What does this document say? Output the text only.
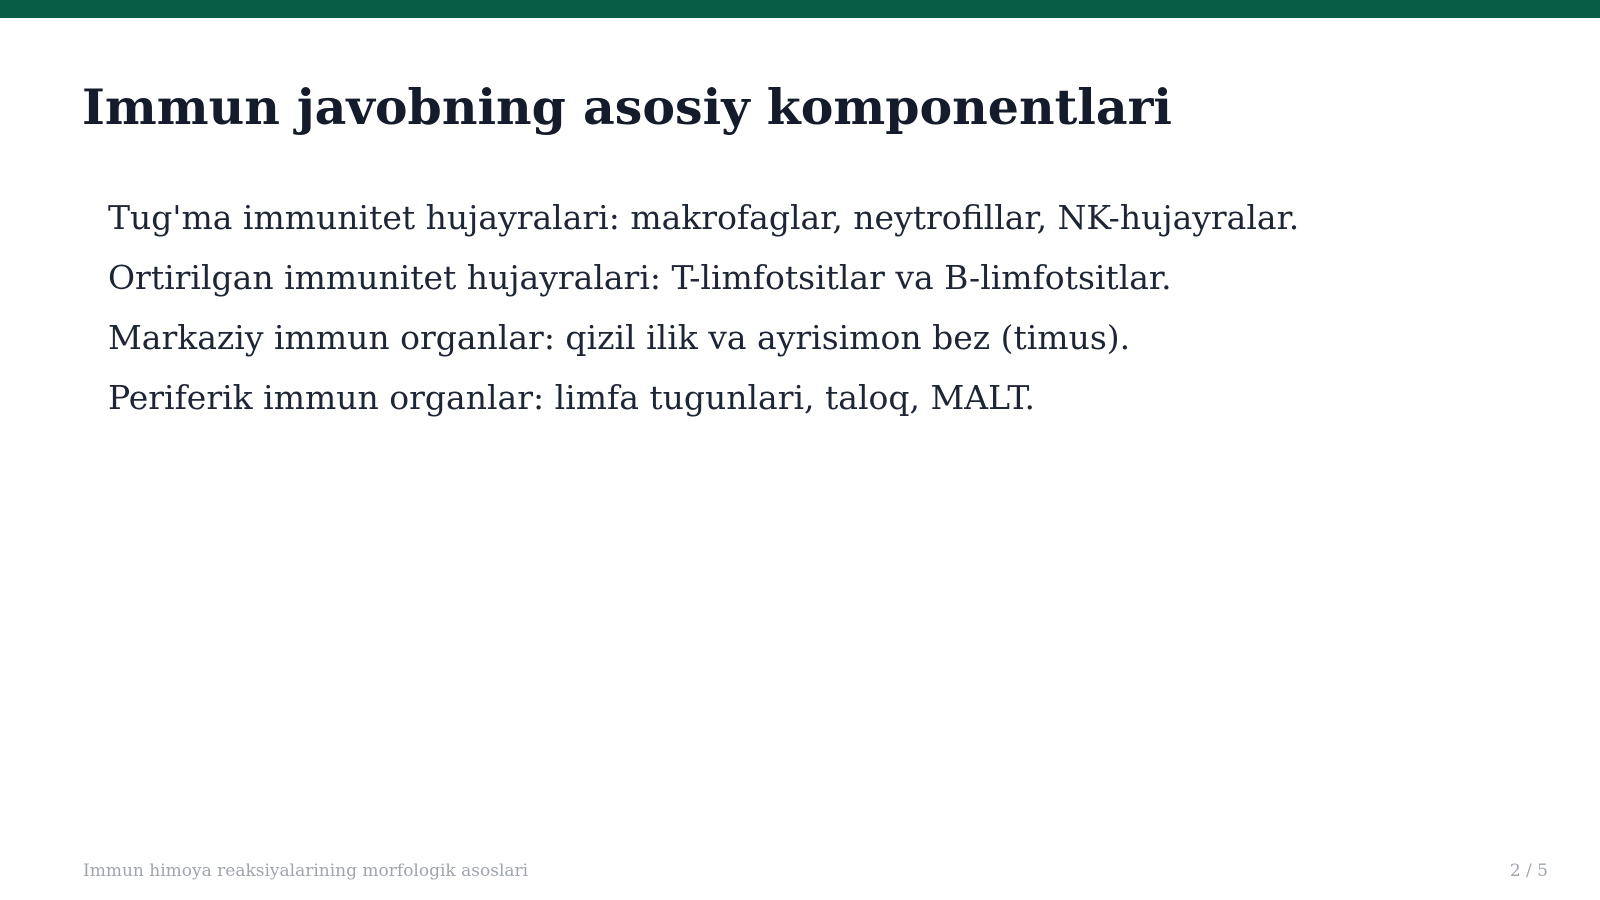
Immun javobning asosiy komponentlari
Tug'ma immunitet hujayralari: makrofaglar, neytrofillar, NK-hujayralar.
Ortirilgan immunitet hujayralari: T-limfotsitlar va B-limfotsitlar.
Markaziy immun organlar: qizil ilik va ayrisimon bez (timus).
Periferik immun organlar: limfa tugunlari, taloq, MALT.
Immun himoya reaksiyalarining morfologik asoslari	2 / 5
